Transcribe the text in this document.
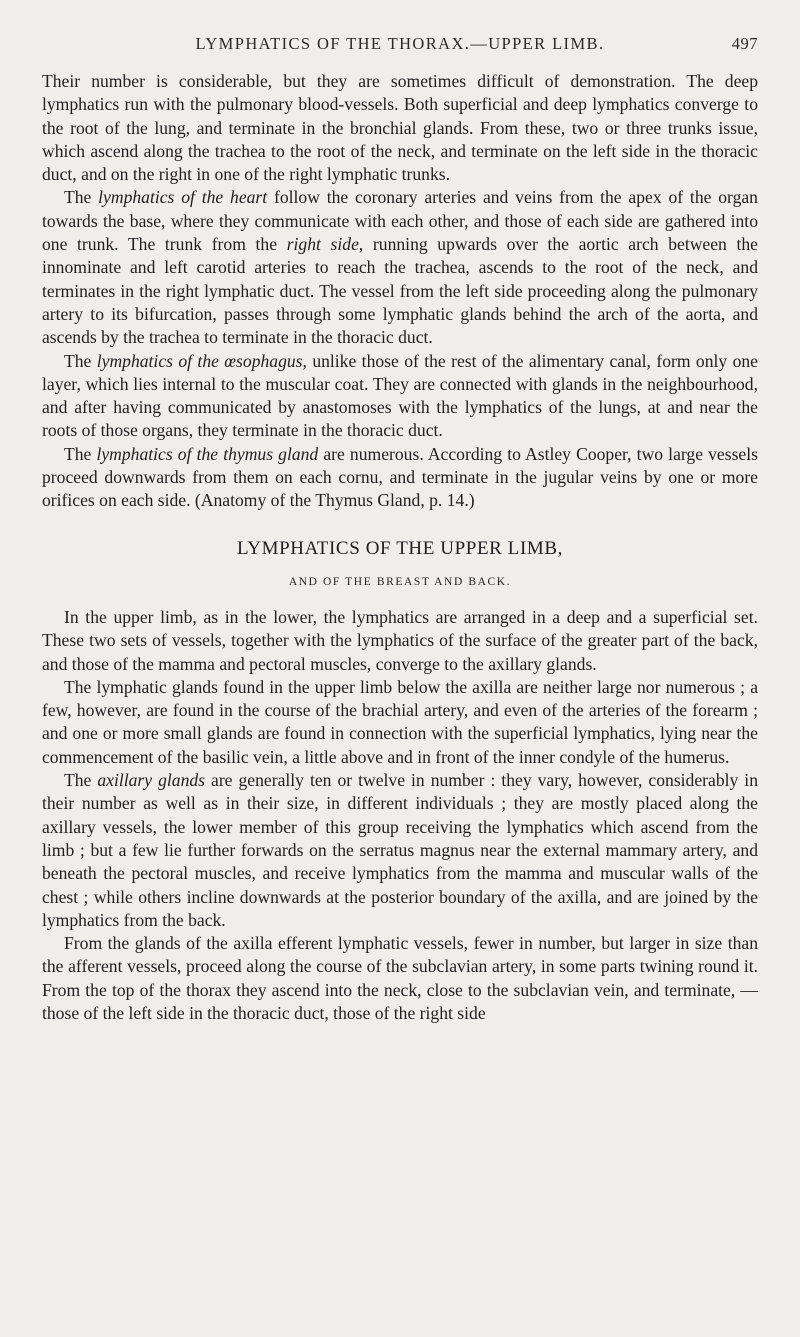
LYMPHATICS OF THE THORAX.—UPPER LIMB.	497

Their number is considerable, but they are sometimes difficult of demonstration. The deep lymphatics run with the pulmonary blood-vessels. Both superficial and deep lymphatics converge to the root of the lung, and terminate in the bronchial glands. From these, two or three trunks issue, which ascend along the trachea to the root of the neck, and terminate on the left side in the thoracic duct, and on the right in one of the right lymphatic trunks.

The lymphatics of the heart follow the coronary arteries and veins from the apex of the organ towards the base, where they communicate with each other, and those of each side are gathered into one trunk. The trunk from the right side, running upwards over the aortic arch between the innominate and left carotid arteries to reach the trachea, ascends to the root of the neck, and terminates in the right lymphatic duct. The vessel from the left side proceeding along the pulmonary artery to its bifurcation, passes through some lymphatic glands behind the arch of the aorta, and ascends by the trachea to terminate in the thoracic duct.

The lymphatics of the œsophagus, unlike those of the rest of the alimentary canal, form only one layer, which lies internal to the muscular coat. They are connected with glands in the neighbourhood, and after having communicated by anastomoses with the lymphatics of the lungs, at and near the roots of those organs, they terminate in the thoracic duct.

The lymphatics of the thymus gland are numerous. According to Astley Cooper, two large vessels proceed downwards from them on each cornu, and terminate in the jugular veins by one or more orifices on each side. (Anatomy of the Thymus Gland, p. 14.)

LYMPHATICS OF THE UPPER LIMB,
AND OF THE BREAST AND BACK.

In the upper limb, as in the lower, the lymphatics are arranged in a deep and a superficial set. These two sets of vessels, together with the lymphatics of the surface of the greater part of the back, and those of the mamma and pectoral muscles, converge to the axillary glands.

The lymphatic glands found in the upper limb below the axilla are neither large nor numerous ; a few, however, are found in the course of the brachial artery, and even of the arteries of the forearm ; and one or more small glands are found in connection with the superficial lymphatics, lying near the commencement of the basilic vein, a little above and in front of the inner condyle of the humerus.

The axillary glands are generally ten or twelve in number : they vary, however, considerably in their number as well as in their size, in different individuals ; they are mostly placed along the axillary vessels, the lower member of this group receiving the lymphatics which ascend from the limb ; but a few lie further forwards on the serratus magnus near the external mammary artery, and beneath the pectoral muscles, and receive lymphatics from the mamma and muscular walls of the chest ; while others incline downwards at the posterior boundary of the axilla, and are joined by the lymphatics from the back.

From the glands of the axilla efferent lymphatic vessels, fewer in number, but larger in size than the afferent vessels, proceed along the course of the subclavian artery, in some parts twining round it. From the top of the thorax they ascend into the neck, close to the subclavian vein, and terminate, —those of the left side in the thoracic duct, those of the right side
